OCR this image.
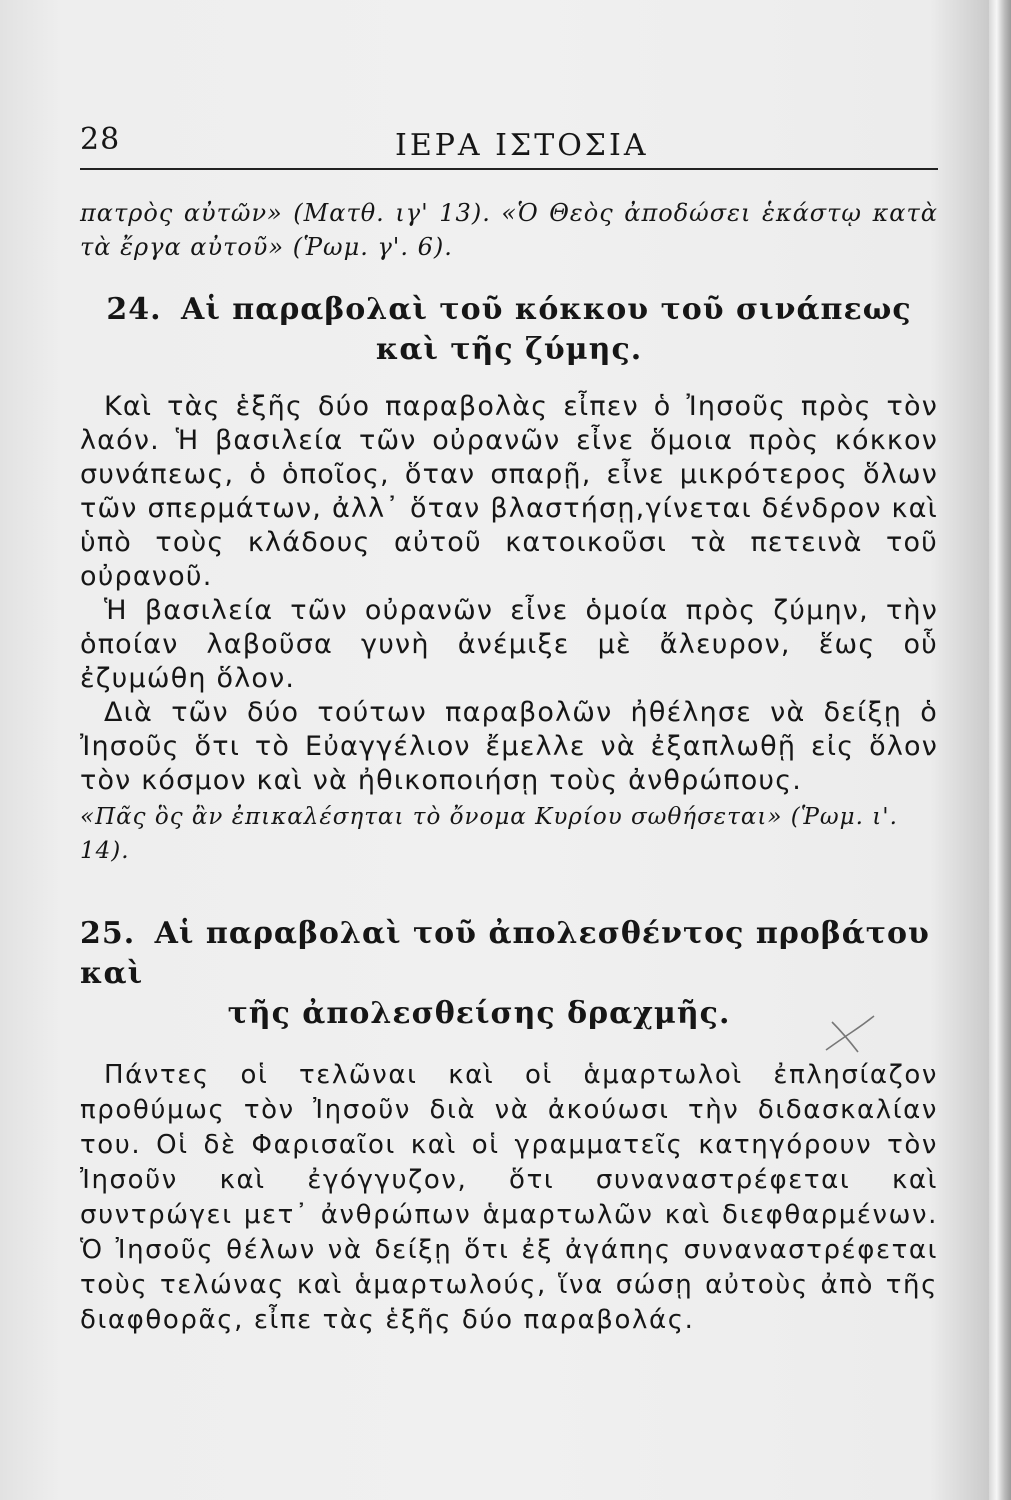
28	ΙΕΡΑ ΙΣΤΟΣΙΑ

πατρὸς αὐτῶν» (Ματθ. ιγ' 13). «Ὁ Θεὸς ἀποδώσει ἑκάστῳ κατὰ τὰ ἔργα αὐτοῦ» (Ῥωμ. γ'. 6).

24. Αἱ παραβολαὶ τοῦ κόκκου τοῦ σινάπεως
καὶ τῆς ζύμης.

Καὶ τὰς ἑξῆς δύο παραβολὰς εἶπεν ὁ Ἰησοῦς πρὸς τὸν λαόν. Ἡ βασιλεία τῶν οὐρανῶν εἶνε ὅμοια πρὸς κόκκον συνάπεως, ὁ ὁποῖος, ὅταν σπαρῇ, εἶνε μικρότερος ὅλων τῶν σπερμάτων, ἀλλ᾽ ὅταν βλαστήσῃ,γίνεται δένδρον καὶ ὑπὸ τοὺς κλάδους αὐτοῦ κατοικοῦσι τὰ πετεινὰ τοῦ οὐρανοῦ.

Ἡ βασιλεία τῶν οὐρανῶν εἶνε ὁμοία πρὸς ζύμην, τὴν ὁποίαν λαβοῦσα γυνὴ ἀνέμιξε μὲ ἄλευρον, ἕως οὗ ἐζυμώθη ὅλον.

Διὰ τῶν δύο τούτων παραβολῶν ἠθέλησε νὰ δείξῃ ὁ Ἰησοῦς ὅτι τὸ Εὐαγγέλιον ἔμελλε νὰ ἐξαπλωθῇ εἰς ὅλον τὸν κόσμον καὶ νὰ ἠθικοποιήσῃ τοὺς ἀνθρώπους.

«Πᾶς ὃς ἂν ἐπικαλέσηται τὸ ὄνομα Κυρίου σωθήσεται» (Ῥωμ. ι'. 14).

25. Αἱ παραβολαὶ τοῦ ἀπολεσθέντος προβάτου καὶ
τῆς ἀπολεσθείσης δραχμῆς.

Πάντες οἱ τελῶναι καὶ οἱ ἁμαρτωλοὶ ἐπλησίαζον προθύμως τὸν Ἰησοῦν διὰ νὰ ἀκούωσι τὴν διδασκαλίαν του. Οἱ δὲ Φαρισαῖοι καὶ οἱ γραμματεῖς κατηγόρουν τὸν Ἰησοῦν καὶ ἐγόγγυζον, ὅτι συναναστρέφεται καὶ συντρώγει μετ᾽ ἀνθρώπων ἁμαρτωλῶν καὶ διεφθαρμένων. Ὁ Ἰησοῦς θέλων νὰ δείξῃ ὅτι ἐξ ἀγάπης συναναστρέφεται τοὺς τελώνας καὶ ἁμαρτωλούς, ἵνα σώσῃ αὐτοὺς ἀπὸ τῆς διαφθορᾶς, εἶπε τὰς ἑξῆς δύο παραβολάς.
